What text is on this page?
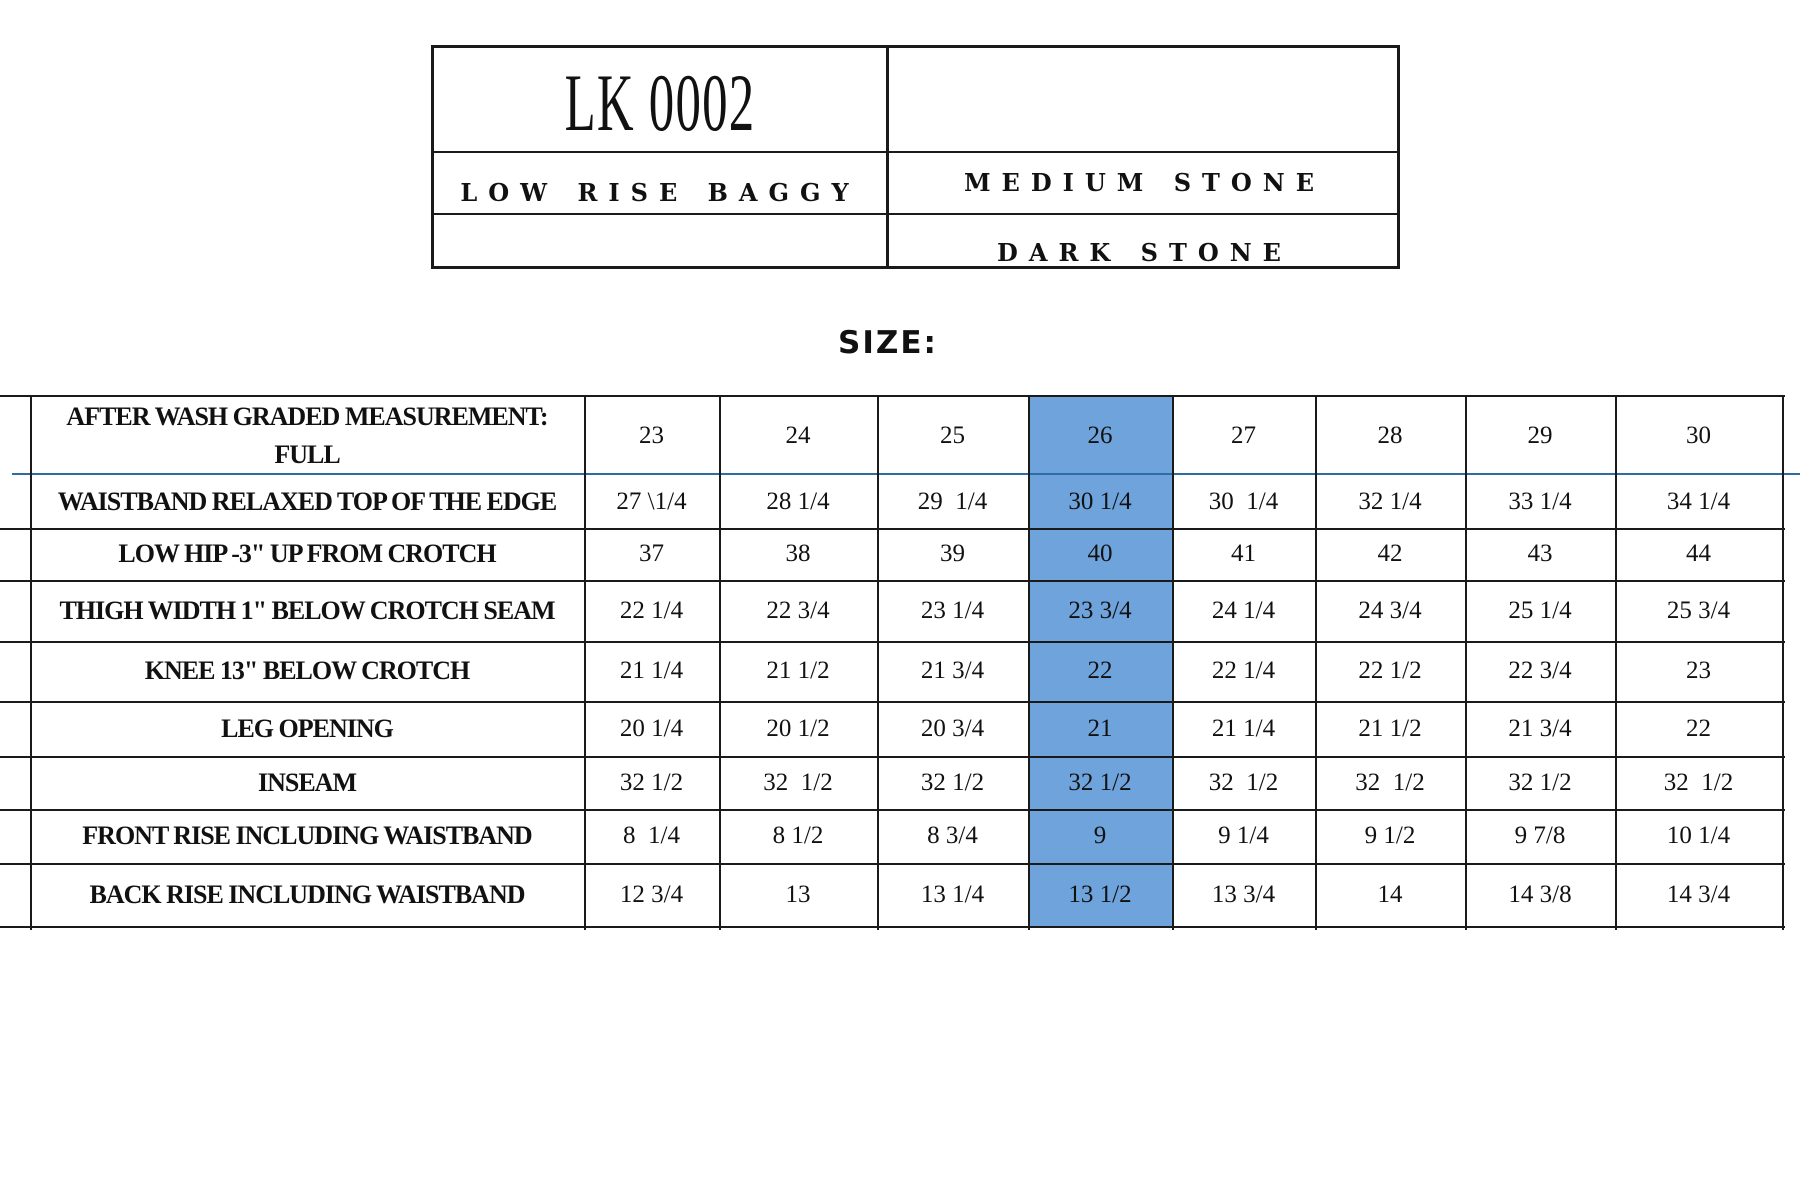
LK 0002
LOW RISE BAGGY	MEDIUM STONE
DARK STONE
SIZE:
AFTER WASH GRADED MEASUREMENT:
FULL
23	24	25	26	27	28	29	30
WAISTBAND RELAXED TOP OF THE EDGE	27 \1/4	28 1/4	29  1/4	30 1/4	30  1/4	32 1/4	33 1/4	34 1/4
LOW HIP -3" UP FROM CROTCH	37	38	39	40	41	42	43	44
THIGH WIDTH 1" BELOW CROTCH SEAM	22 1/4	22 3/4	23 1/4	23 3/4	24 1/4	24 3/4	25 1/4	25 3/4
KNEE 13" BELOW CROTCH	21 1/4	21 1/2	21 3/4	22	22 1/4	22 1/2	22 3/4	23
LEG OPENING	20 1/4	20 1/2	20 3/4	21	21 1/4	21 1/2	21 3/4	22
INSEAM	32 1/2	32  1/2	32 1/2	32 1/2	32  1/2	32  1/2	32 1/2	32  1/2
FRONT RISE INCLUDING WAISTBAND	8  1/4	8 1/2	8 3/4	9	9 1/4	9 1/2	9 7/8	10 1/4
BACK RISE INCLUDING WAISTBAND	12 3/4	13	13 1/4	13 1/2	13 3/4	14	14 3/8	14 3/4
